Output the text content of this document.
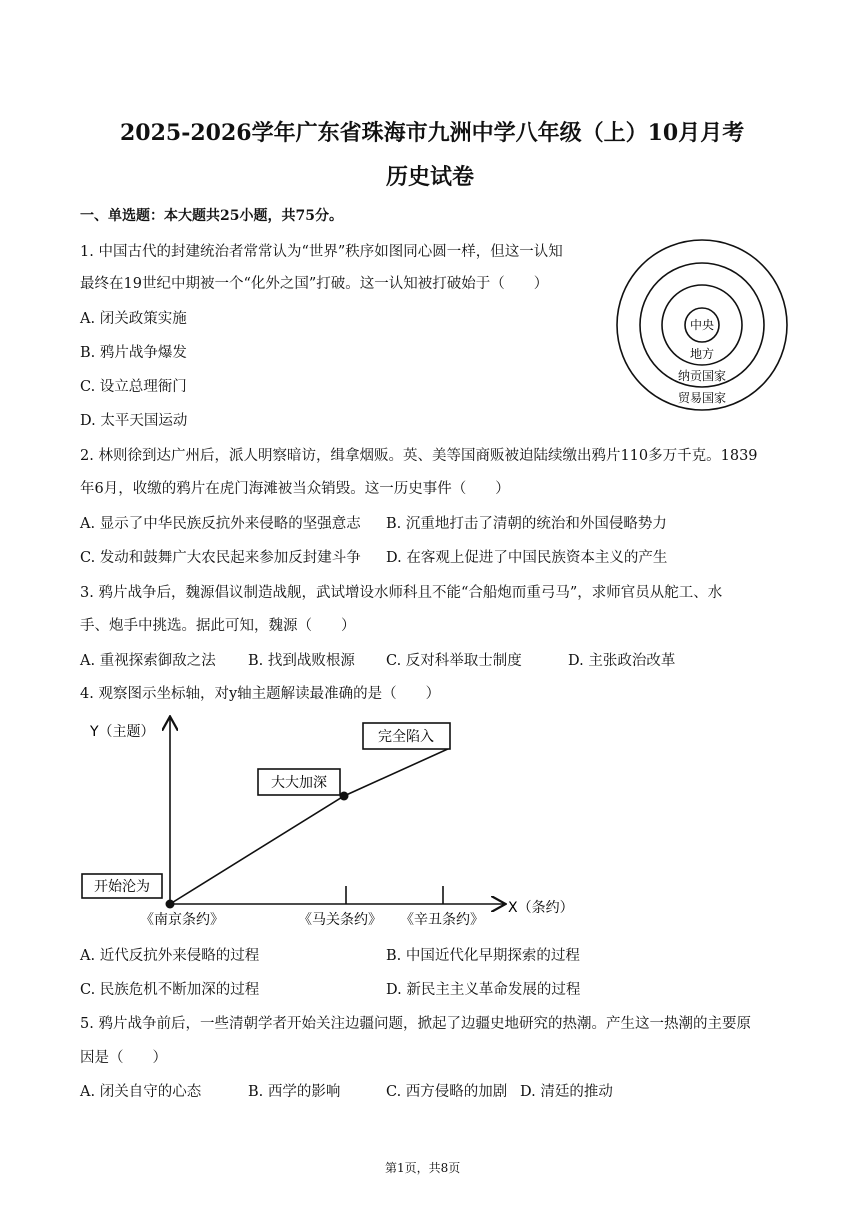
2025-2026学年广东省珠海市九洲中学八年级（上）10月月考
历史试卷
一、单选题：本大题共25小题，共75分。
1. 中国古代的封建统治者常常认为“世界”秩序如图同心圆一样，但这一认知
最终在19世纪中期被一个“化外之国”打破。这一认知被打破始于（　　）
A. 闭关政策实施
B. 鸦片战争爆发
C. 设立总理衙门
D. 太平天国运动
中央
地方
纳贡国家
贸易国家
2. 林则徐到达广州后，派人明察暗访，缉拿烟贩。英、美等国商贩被迫陆续缴出鸦片110多万千克。1839
年6月，收缴的鸦片在虎门海滩被当众销毁。这一历史事件（　　）
A. 显示了中华民族反抗外来侵略的坚强意志 B. 沉重地打击了清朝的统治和外国侵略势力
C. 发动和鼓舞广大农民起来参加反封建斗争 D. 在客观上促进了中国民族资本主义的产生
3. 鸦片战争后，魏源倡议制造战舰，武试增设水师科且不能“合船炮而重弓马”，求师官员从舵工、水
手、炮手中挑选。据此可知，魏源（　　）
A. 重视探索御敌之法 B. 找到战败根源 C. 反对科举取士制度	D. 主张政治改革
4. 观察图示坐标轴，对y轴主题解读最准确的是（　　）
Y（主题）
X（条约）
《南京条约》	《马关条约》 《辛丑条约》
开始沦为
大大加深
完全陷入
A. 近代反抗外来侵略的过程	B. 中国近代化早期探索的过程
C. 民族危机不断加深的过程	D. 新民主主义革命发展的过程
5. 鸦片战争前后，一些清朝学者开始关注边疆问题，掀起了边疆史地研究的热潮。产生这一热潮的主要原
因是（　　）
A. 闭关自守的心态	B. 西学的影响	C. 西方侵略的加剧 D. 清廷的推动
第1页，共8页
